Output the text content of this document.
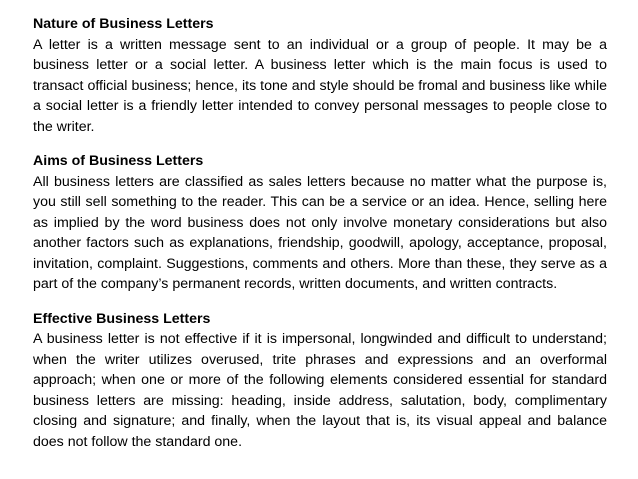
Nature of Business Letters
A letter is a written message sent to an individual or a group of people. It may be a business letter or a social letter. A business letter which is the main focus is used to transact official business; hence, its tone and style should be fromal and business like while a social letter is a friendly letter intended to convey personal messages to people close to the writer.
Aims of Business Letters
All business letters are classified as sales letters because no matter what the purpose is, you still sell something to the reader. This can be a service or an idea. Hence, selling here as implied by the word business does not only involve monetary considerations but also another factors such as explanations, friendship, goodwill, apology, acceptance, proposal, invitation, complaint. Suggestions, comments and others. More than these, they serve as a part of the company’s permanent records, written documents, and written contracts.
Effective Business Letters
A business letter is not effective if it is impersonal, longwinded and difficult to understand; when the writer utilizes overused, trite phrases and expressions and an overformal approach; when one or more of the following elements considered essential for standard business letters are missing: heading, inside address, salutation, body, complimentary closing and signature; and finally, when the layout that is, its visual appeal and balance does not follow the standard one.
